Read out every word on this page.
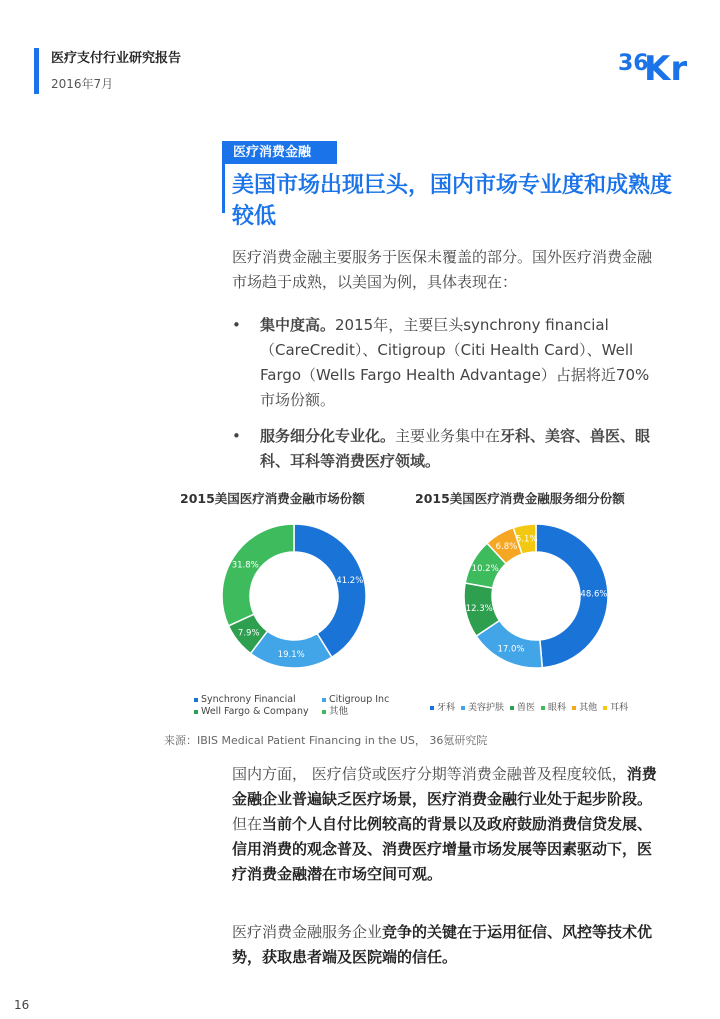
医疗支付行业研究报告
2016年7月
36
Kr
医疗消费金融
美国市场出现巨头，国内市场专业度和成熟度较低
医疗消费金融主要服务于医保未覆盖的部分。国外医疗消费金融市场趋于成熟，以美国为例，具体表现在：
•	集中度高。2015年，主要巨头synchrony financial（CareCredit）、Citigroup（Citi Health Card）、Well Fargo（Wells Fargo Health Advantage）占据将近70%市场份额。
•	服务细分化专业化。主要业务集中在牙科、美容、兽医、眼科、耳科等消费医疗领域。
2015美国医疗消费金融市场份额	2015美国医疗消费金融服务细分份额
41.2%
19.1%
7.9%
31.8%
48.6%
17.0%
12.3%
10.2%
6.8%
5.1%
Synchrony Financial	Citigroup IncWell Fargo & Company 其他	牙科 美容护肤 兽医 眼科 其他 耳科
来源：IBIS Medical Patient Financing in the US， 36氪研究院
国内方面， 医疗信贷或医疗分期等消费金融普及程度较低，消费金融企业普遍缺乏医疗场景，医疗消费金融行业处于起步阶段。但在当前个人自付比例较高的背景以及政府鼓励消费信贷发展、信用消费的观念普及、消费医疗增量市场发展等因素驱动下，医疗消费金融潜在市场空间可观。
医疗消费金融服务企业竞争的关键在于运用征信、风控等技术优势，获取患者端及医院端的信任。
16
